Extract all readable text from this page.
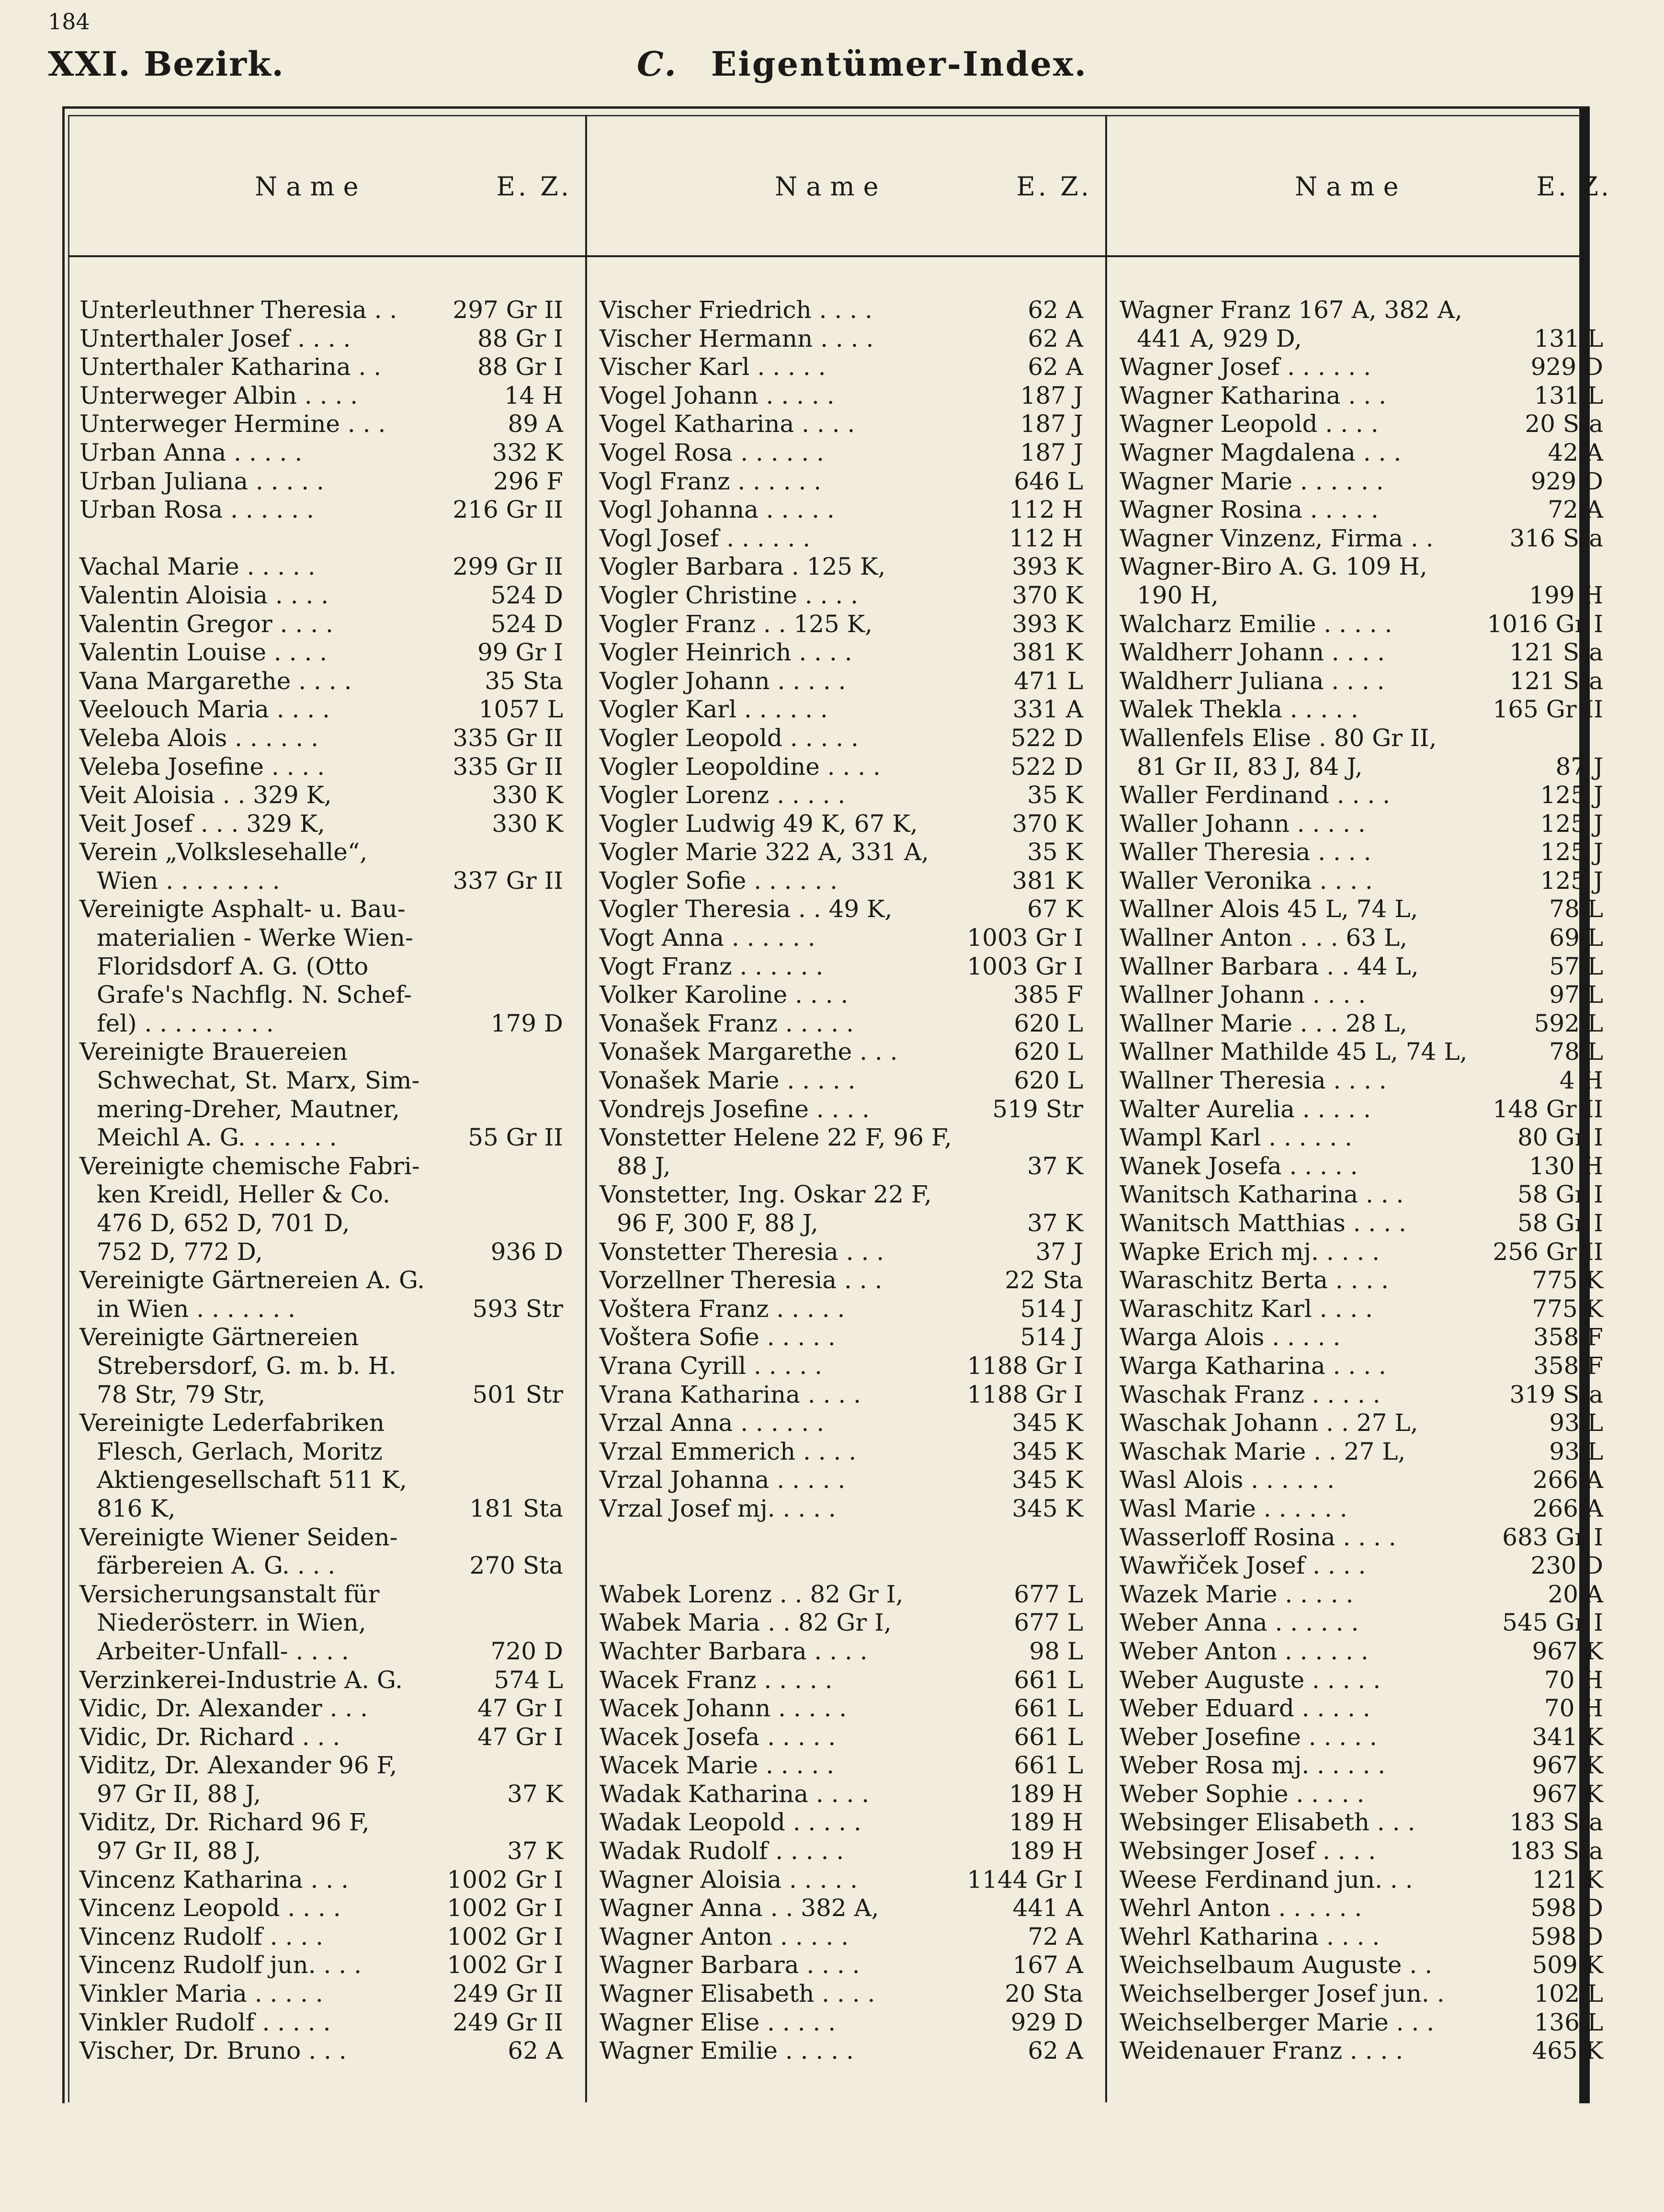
184
XXI. Bezirk.	C. Eigentümer-Index.
Name	E. Z.
Unterleuthner Theresia . . 297 Gr II
Unterthaler Josef . . . .	88 Gr I
Unterthaler Katharina . .	88 Gr I
Unterweger Albin . . . .	14 H
Unterweger Hermine . . .	89 A
Urban Anna . . . . .	332 K
Urban Juliana . . . . .	296 F
Urban Rosa . . . . . .	216 Gr II
Vachal Marie . . . . .	299 Gr II
Valentin Aloisia . . . .	524 D
Valentin Gregor . . . .	524 D
Valentin Louise . . . .	99 Gr I
Vana Margarethe . . . .	35 Sta
Veelouch Maria . . . .	1057 L
Veleba Alois . . . . . .	335 Gr II
Veleba Josefine . . . .	335 Gr II
Veit Aloisia . . 329 K,	330 K
Veit Josef . . . 329 K,	330 K
Verein „Volkslesehalle“,
Wien . . . . . . . .	337 Gr II
Vereinigte Asphalt- u. Bau-
materialien - Werke Wien-
Floridsdorf A. G. (Otto
Grafe's Nachflg. N. Schef-
fel) . . . . . . . . .	179 D
Vereinigte Brauereien
Schwechat, St. Marx, Sim-
mering-Dreher, Mautner,
Meichl A. G. . . . . . .	55 Gr II
Vereinigte chemische Fabri-
ken Kreidl, Heller & Co.
476 D, 652 D, 701 D,
752 D, 772 D,	936 D
Vereinigte Gärtnereien A. G.
in Wien . . . . . . .	593 Str
Vereinigte Gärtnereien
Strebersdorf, G. m. b. H.
78 Str, 79 Str,	501 Str
Vereinigte Lederfabriken
Flesch, Gerlach, Moritz
Aktiengesellschaft 511 K,
816 K,	181 Sta
Vereinigte Wiener Seiden-
färbereien A. G. . . .	270 Sta
Versicherungsanstalt für
Niederösterr. in Wien,
Arbeiter-Unfall- . . . .	720 D
Verzinkerei-Industrie A. G.	574 L
Vidic, Dr. Alexander . . .	47 Gr I
Vidic, Dr. Richard . . .	47 Gr I
Viditz, Dr. Alexander 96 F,
97 Gr II, 88 J,	37 K
Viditz, Dr. Richard 96 F,
97 Gr II, 88 J,	37 K
Vincenz Katharina . . .	1002 Gr I
Vincenz Leopold . . . .	1002 Gr I
Vincenz Rudolf . . . .	1002 Gr I
Vincenz Rudolf jun. . . .	1002 Gr I
Vinkler Maria . . . . .	249 Gr II
Vinkler Rudolf . . . . .	249 Gr II
Vischer, Dr. Bruno . . .	62 A
Name	E. Z.
Vischer Friedrich . . . .	62 A
Vischer Hermann . . . .	62 A
Vischer Karl . . . . .	62 A
Vogel Johann . . . . .	187 J
Vogel Katharina . . . .	187 J
Vogel Rosa . . . . . .	187 J
Vogl Franz . . . . . .	646 L
Vogl Johanna . . . . .	112 H
Vogl Josef . . . . . .	112 H
Vogler Barbara . 125 K,	393 K
Vogler Christine . . . .	370 K
Vogler Franz . . 125 K,	393 K
Vogler Heinrich . . . .	381 K
Vogler Johann . . . . .	471 L
Vogler Karl . . . . . .	331 A
Vogler Leopold . . . . .	522 D
Vogler Leopoldine . . . .	522 D
Vogler Lorenz . . . . .	35 K
Vogler Ludwig 49 K, 67 K,	370 K
Vogler Marie 322 A, 331 A,	35 K
Vogler Sofie . . . . . .	381 K
Vogler Theresia . . 49 K,	67 K
Vogt Anna . . . . . .	1003 Gr I
Vogt Franz . . . . . .	1003 Gr I
Volker Karoline . . . .	385 F
Vonašek Franz . . . . .	620 L
Vonašek Margarethe . . .	620 L
Vonašek Marie . . . . .	620 L
Vondrejs Josefine . . . .	519 Str
Vonstetter Helene 22 F, 96 F,
88 J,	37 K
Vonstetter, Ing. Oskar 22 F,
96 F, 300 F, 88 J,	37 K
Vonstetter Theresia . . .	37 J
Vorzellner Theresia . . .	22 Sta
Voštera Franz . . . . .	514 J
Voštera Sofie . . . . .	514 J
Vrana Cyrill . . . . .	1188 Gr I
Vrana Katharina . . . .	1188 Gr I
Vrzal Anna . . . . . .	345 K
Vrzal Emmerich . . . .	345 K
Vrzal Johanna . . . . .	345 K
Vrzal Josef mj. . . . .	345 K
Wabek Lorenz . . 82 Gr I,	677 L
Wabek Maria . . 82 Gr I,	677 L
Wachter Barbara . . . .	98 L
Wacek Franz . . . . .	661 L
Wacek Johann . . . . .	661 L
Wacek Josefa . . . . .	661 L
Wacek Marie . . . . .	661 L
Wadak Katharina . . . .	189 H
Wadak Leopold . . . . .	189 H
Wadak Rudolf . . . . .	189 H
Wagner Aloisia . . . . .	1144 Gr I
Wagner Anna . . 382 A,	441 A
Wagner Anton . . . . .	72 A
Wagner Barbara . . . .	167 A
Wagner Elisabeth . . . .	20 Sta
Wagner Elise . . . . .	929 D
Wagner Emilie . . . . .	62 A
Name	E. Z.
Wagner Franz 167 A, 382 A,
441 A, 929 D,	131 L
Wagner Josef . . . . . .	929 D
Wagner Katharina . . .	131 L
Wagner Leopold . . . .	20 Sta
Wagner Magdalena . . .	42 A
Wagner Marie . . . . . .	929 D
Wagner Rosina . . . . .	72 A
Wagner Vinzenz, Firma . .	316 Sta
Wagner-Biro A. G. 109 H,
190 H,	199 H
Walcharz Emilie . . . . .	1016 Gr I
Waldherr Johann . . . .	121 Sta
Waldherr Juliana . . . .	121 Sta
Walek Thekla . . . . .	165 Gr II
Wallenfels Elise . 80 Gr II,
81 Gr II, 83 J, 84 J,	87 J
Waller Ferdinand . . . .	125 J
Waller Johann . . . . .	125 J
Waller Theresia . . . .	125 J
Waller Veronika . . . .	125 J
Wallner Alois 45 L, 74 L,	78 L
Wallner Anton . . . 63 L,	69 L
Wallner Barbara . . 44 L,	57 L
Wallner Johann . . . .	97 L
Wallner Marie . . . 28 L,	592 L
Wallner Mathilde 45 L, 74 L,	78 L
Wallner Theresia . . . .	4 H
Walter Aurelia . . . . .	148 Gr II
Wampl Karl . . . . . .	80 Gr I
Wanek Josefa . . . . .	130 H
Wanitsch Katharina . . .	58 Gr I
Wanitsch Matthias . . . .	58 Gr I
Wapke Erich mj. . . . .	256 Gr II
Waraschitz Berta . . . .	775 K
Waraschitz Karl . . . .	775 K
Warga Alois . . . . .	358 F
Warga Katharina . . . .	358 F
Waschak Franz . . . . .	319 Sta
Waschak Johann . . 27 L,	93 L
Waschak Marie . . 27 L,	93 L
Wasl Alois . . . . . .	266 A
Wasl Marie . . . . . .	266 A
Wasserloff Rosina . . . .	683 Gr I
Wawřiček Josef . . . .	230 D
Wazek Marie . . . . .	20 A
Weber Anna . . . . . .	545 Gr I
Weber Anton . . . . . .	967 K
Weber Auguste . . . . .	70 H
Weber Eduard . . . . .	70 H
Weber Josefine . . . . .	341 K
Weber Rosa mj. . . . . .	967 K
Weber Sophie . . . . .	967 K
Websinger Elisabeth . . .	183 Sta
Websinger Josef . . . .	183 Sta
Weese Ferdinand jun. . .	121 K
Wehrl Anton . . . . . .	598 D
Wehrl Katharina . . . .	598 D
Weichselbaum Auguste . .	509 K
Weichselberger Josef jun. .	102 L
Weichselberger Marie . . .	136 L
Weidenauer Franz . . . .	465 K
